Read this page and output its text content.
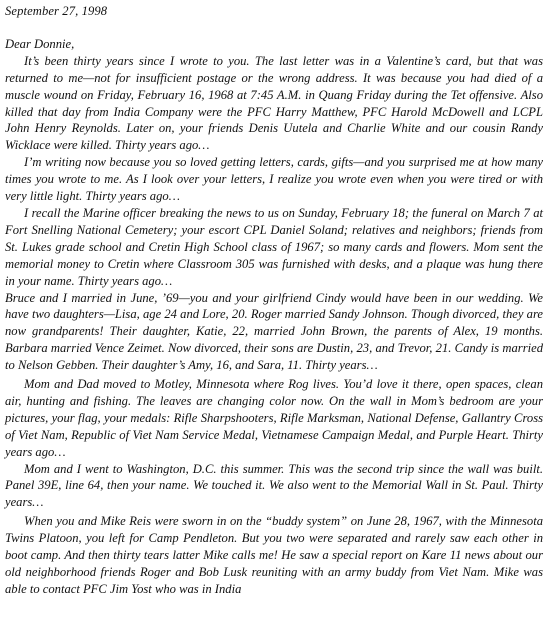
September 27, 1998
Dear Donnie,

It’s been thirty years since I wrote to you. The last letter was in a Valentine’s card, but that was returned to me—not for insufficient postage or the wrong address. It was because you had died of a muscle wound on Friday, February 16, 1968 at 7:45 A.M. in Quang Friday during the Tet offensive. Also killed that day from India Company were the PFC Harry Matthew, PFC Harold McDowell and LCPL John Henry Reynolds. Later on, your friends Denis Uutela and Charlie White and our cousin Randy Wicklace were killed. Thirty years ago…

I’m writing now because you so loved getting letters, cards, gifts—and you surprised me at how many times you wrote to me. As I look over your letters, I realize you wrote even when you were tired or with very little light. Thirty years ago…

I recall the Marine officer breaking the news to us on Sunday, February 18; the funeral on March 7 at Fort Snelling National Cemetery; your escort CPL Daniel Soland; relatives and neighbors; friends from St. Lukes grade school and Cretin High School class of 1967; so many cards and flowers. Mom sent the memorial money to Cretin where Classroom 305 was furnished with desks, and a plaque was hung there in your name. Thirty years ago…

Bruce and I married in June, ’69—you and your girlfriend Cindy would have been in our wedding. We have two daughters—Lisa, age 24 and Lore, 20. Roger married Sandy Johnson. Though divorced, they are now grandparents! Their daughter, Katie, 22, married John Brown, the parents of Alex, 19 months. Barbara married Vence Zeimet. Now divorced, their sons are Dustin, 23, and Trevor, 21. Candy is married to Nelson Gebben. Their daughter’s Amy, 16, and Sara, 11. Thirty years…

Mom and Dad moved to Motley, Minnesota where Rog lives. You’d love it there, open spaces, clean air, hunting and fishing. The leaves are changing color now. On the wall in Mom’s bedroom are your pictures, your flag, your medals: Rifle Sharpshooters, Rifle Marksman, National Defense, Gallantry Cross of Viet Nam, Republic of Viet Nam Service Medal, Vietnamese Campaign Medal, and Purple Heart. Thirty years ago…

Mom and I went to Washington, D.C. this summer. This was the second trip since the wall was built. Panel 39E, line 64, then your name. We touched it. We also went to the Memorial Wall in St. Paul. Thirty years…

When you and Mike Reis were sworn in on the “buddy system” on June 28, 1967, with the Minnesota Twins Platoon, you left for Camp Pendleton. But you two were separated and rarely saw each other in boot camp. And then thirty tears latter Mike calls me! He saw a special report on Kare 11 news about our old neighborhood friends Roger and Bob Lusk reuniting with an army buddy from Viet Nam. Mike was able to contact PFC Jim Yost who was in India
